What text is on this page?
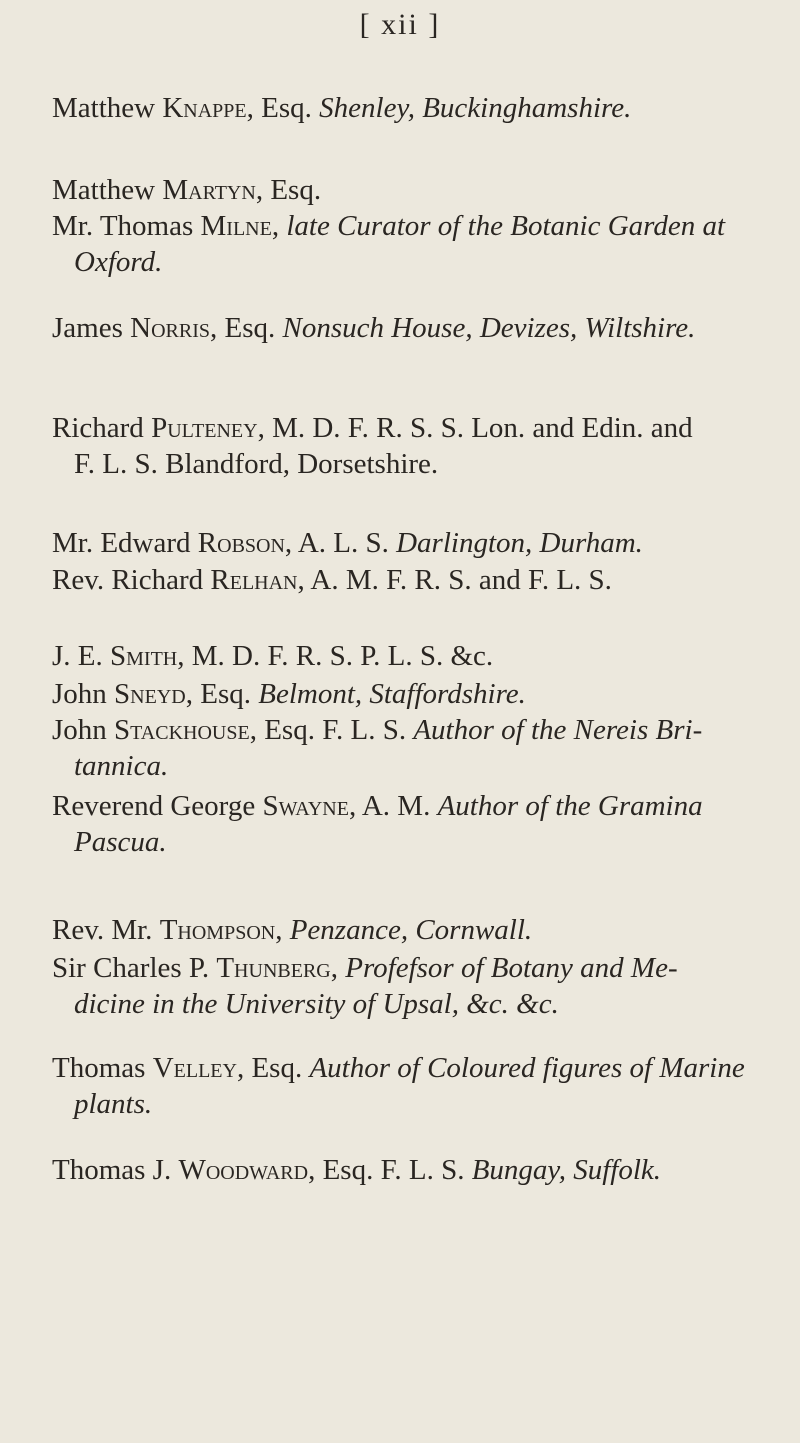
[ xii ]
Matthew Knappe, Esq. Shenley, Buckinghamshire.
Matthew Martyn, Esq.
Mr. Thomas Milne, late Curator of the Botanic Garden at
Oxford.
James Norris, Esq. Nonsuch House, Devizes, Wiltshire.
Richard Pulteney, M. D. F. R. S. S. Lon. and Edin. and
F. L. S. Blandford, Dorsetshire.
Mr. Edward Robson, A. L. S. Darlington, Durham.
Rev. Richard Relhan, A. M. F. R. S. and F. L. S.
J. E. Smith, M. D. F. R. S. P. L. S. &c.
John Sneyd, Esq. Belmont, Staffordshire.
John Stackhouse, Esq. F. L. S. Author of the Nereis Bri-
tannica.
Reverend George Swayne, A. M. Author of the Gramina
Pascua.
Rev. Mr. Thompson, Penzance, Cornwall.
Sir Charles P. Thunberg, Profefsor of Botany and Me-
dicine in the University of Upsal, &c. &c.
Thomas Velley, Esq. Author of Coloured figures of Marine
plants.
Thomas J. Woodward, Esq. F. L. S. Bungay, Suffolk.
